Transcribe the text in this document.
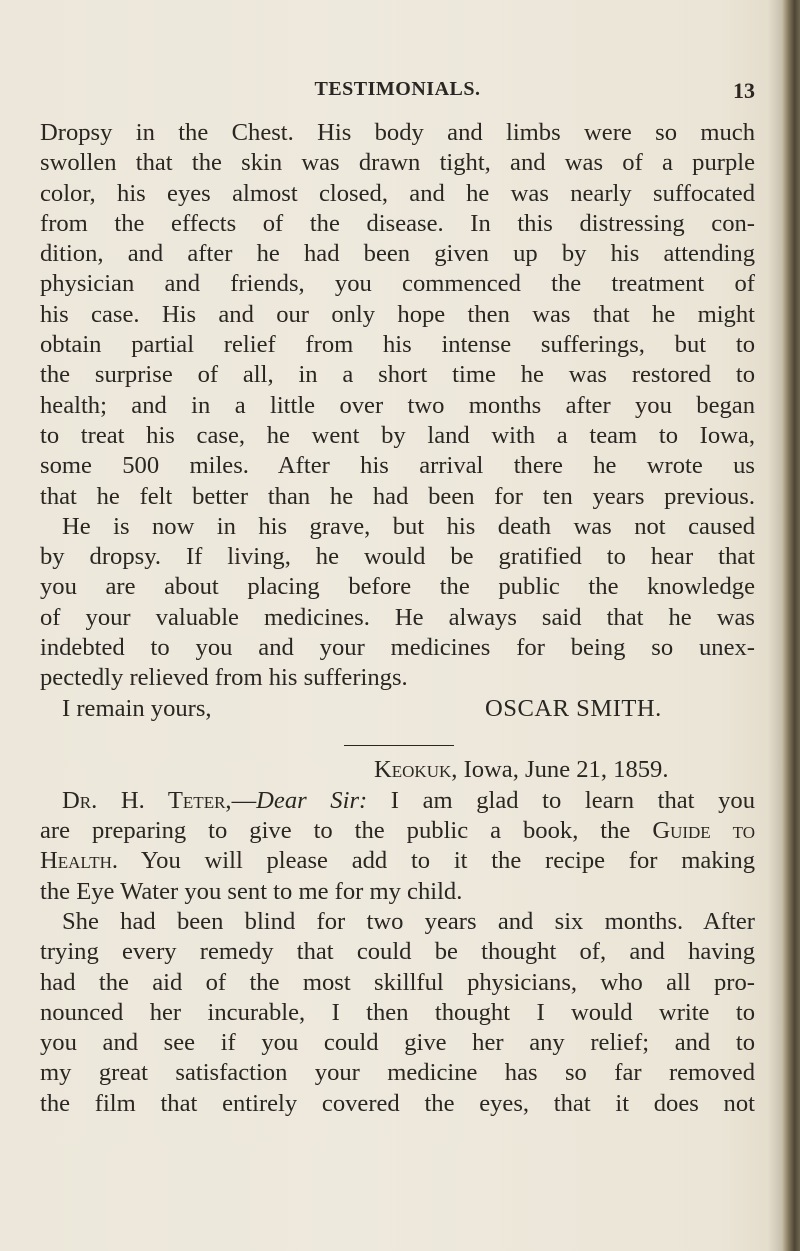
TESTIMONIALS.	13
Dropsy in the Chest. His body and limbs were so much
swollen that the skin was drawn tight, and was of a purple
color, his eyes almost closed, and he was nearly suffocated
from the effects of the disease. In this distressing con-
dition, and after he had been given up by his attending
physician and friends, you commenced the treatment of
his case. His and our only hope then was that he might
obtain partial relief from his intense sufferings, but to
the surprise of all, in a short time he was restored to
health; and in a little over two months after you began
to treat his case, he went by land with a team to Iowa,
some 500 miles. After his arrival there he wrote us
that he felt better than he had been for ten years previous.
He is now in his grave, but his death was not caused
by dropsy. If living, he would be gratified to hear that
you are about placing before the public the knowledge
of your valuable medicines. He always said that he was
indebted to you and your medicines for being so unex-
pectedly relieved from his sufferings.
I remain yours,	OSCAR SMITH.
Keokuk, Iowa, June 21, 1859.
Dr. H. Teter,—Dear Sir: I am glad to learn that you
are preparing to give to the public a book, the Guide to
Health. You will please add to it the recipe for making
the Eye Water you sent to me for my child.
She had been blind for two years and six months. After
trying every remedy that could be thought of, and having
had the aid of the most skillful physicians, who all pro-
nounced her incurable, I then thought I would write to
you and see if you could give her any relief; and to
my great satisfaction your medicine has so far removed
the film that entirely covered the eyes, that it does not
